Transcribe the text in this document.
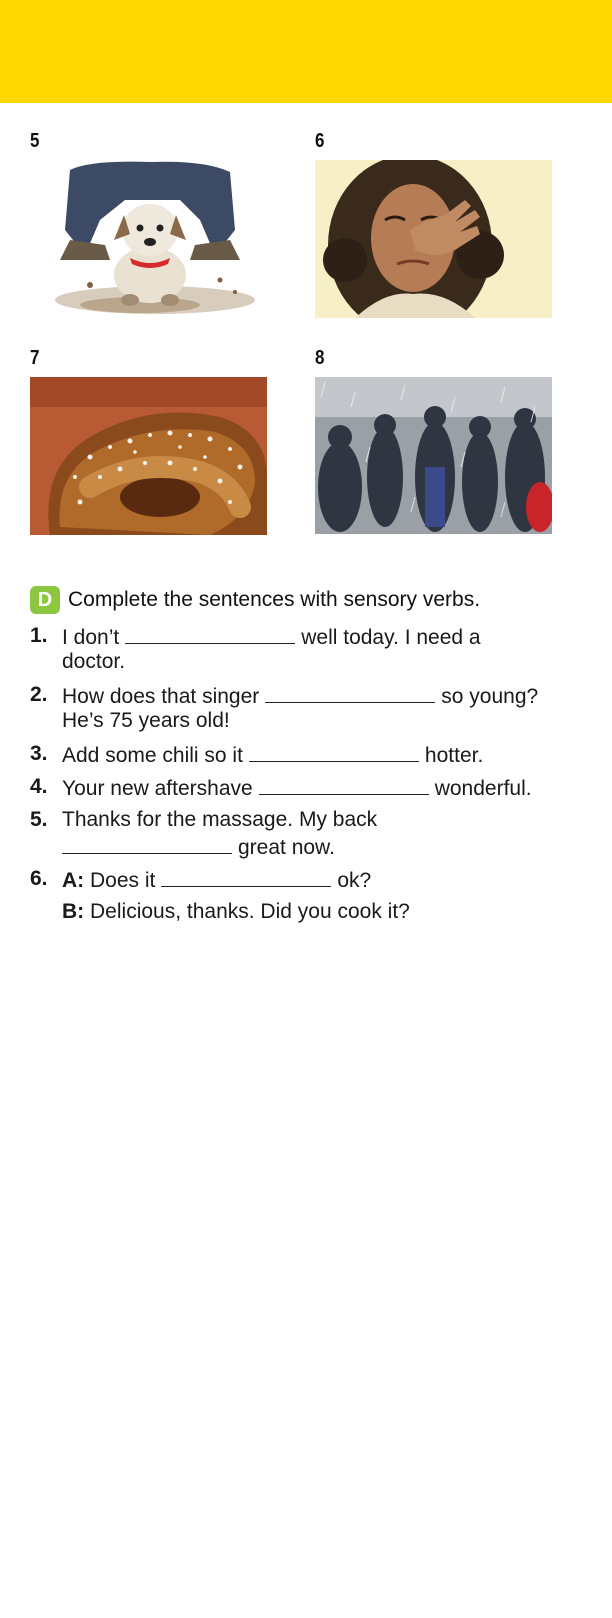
5	6
7	8
D Complete the sentences with sensory verbs.
1. I don’t	well today. I need a
doctor.
2. How does that singer	so young?
He’s 75 years old!
3. Add some chili so it	hotter.
4. Your new aftershave	wonderful.
5. Thanks for the massage. My back
great now.
6. A: Does it	ok?
B: Delicious, thanks. Did you cook it?
